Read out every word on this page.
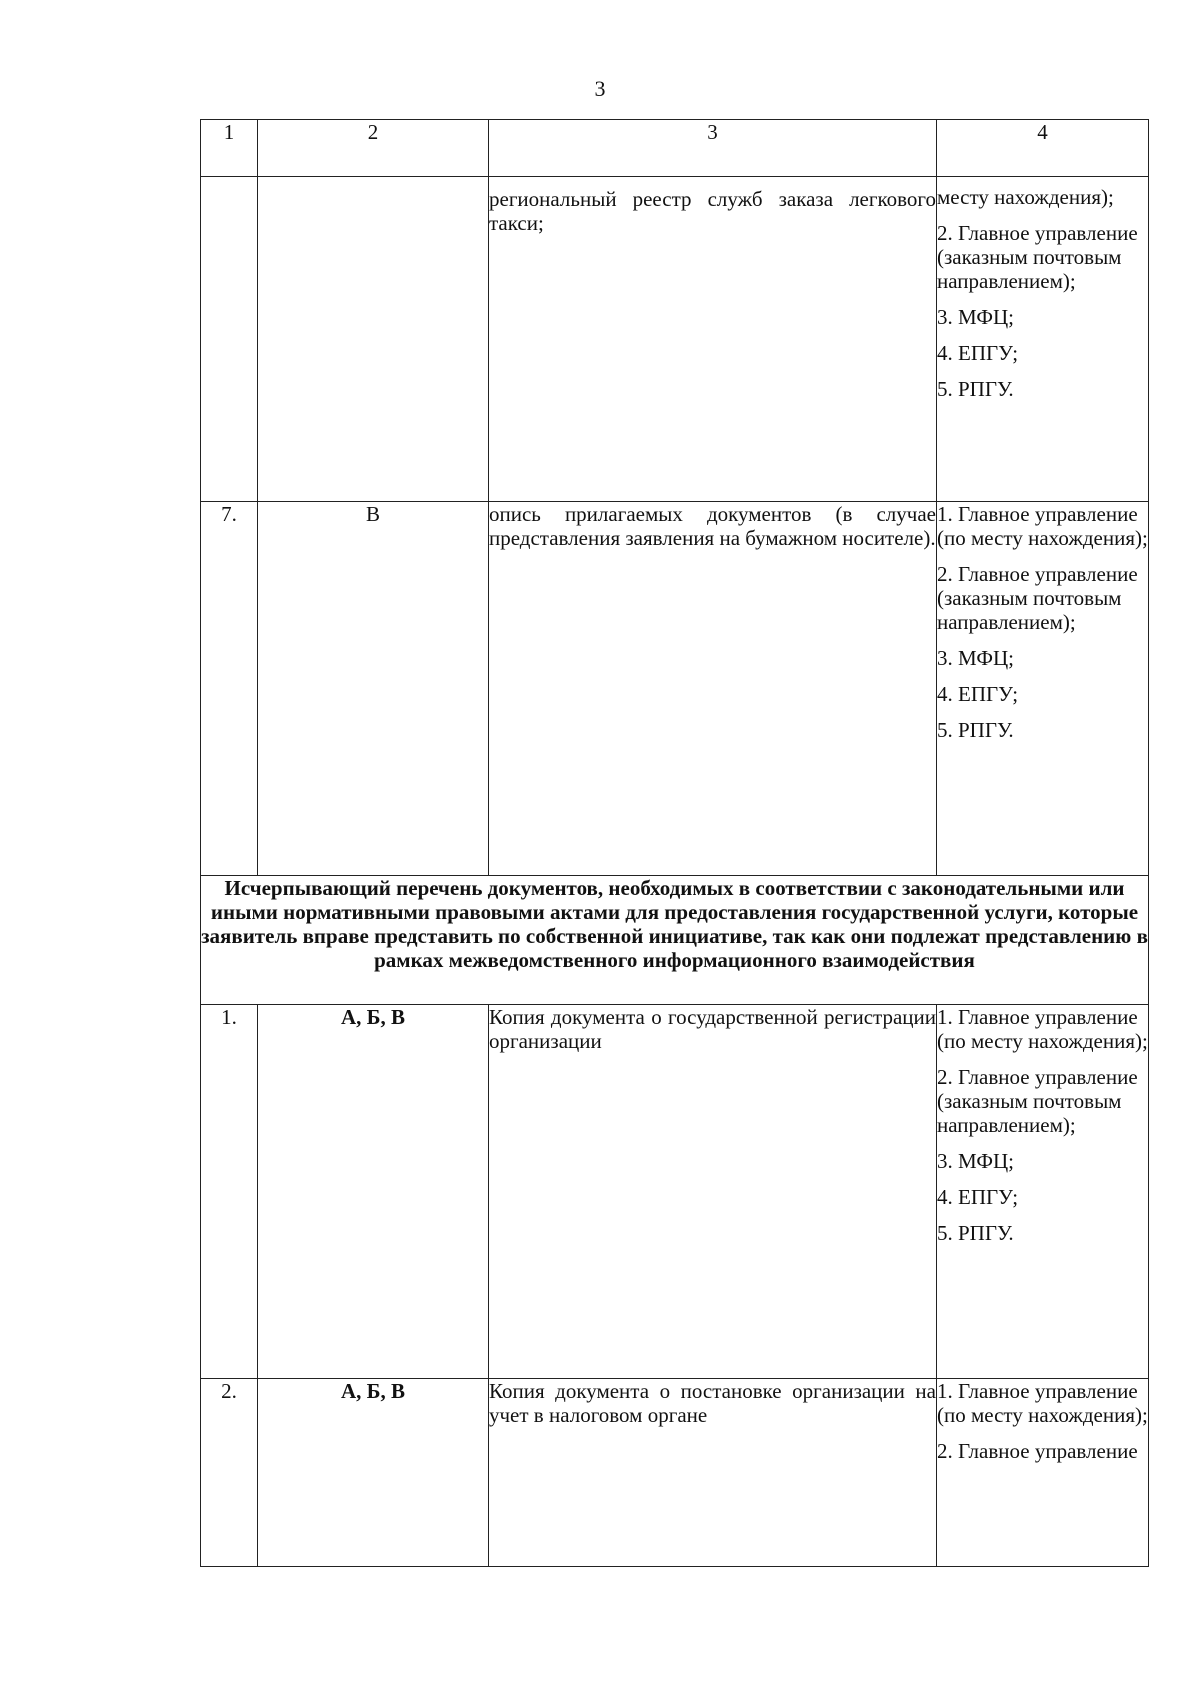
3
1	2	3	4
		региональный реестр служб заказа легкового такси;	месту нахождения);
2. Главное управление (заказным почтовым направлением);
3. МФЦ;
4. ЕПГУ;
5. РПГУ.

7.	В	опись прилагаемых документов (в случае представления заявления на бумажном носителе).	1. Главное управление (по месту нахождения);
2. Главное управление (заказным почтовым направлением);
3. МФЦ;
4. ЕПГУ;
5. РПГУ.

Исчерпывающий перечень документов, необходимых в соответствии с законодательными или иными нормативными правовыми актами для предоставления государственной услуги, которые заявитель вправе представить по собственной инициативе, так как они подлежат представлению в рамках межведомственного информационного взаимодействия			
1.	А, Б, В	Копия документа о государственной регистрации организации	1. Главное управление (по месту нахождения);
2. Главное управление (заказным почтовым направлением);
3. МФЦ;
4. ЕПГУ;
5. РПГУ.

2.	А, Б, В	Копия документа о постановке организации на учет в налоговом органе	1. Главное управление (по месту нахождения);
2. Главное управление
